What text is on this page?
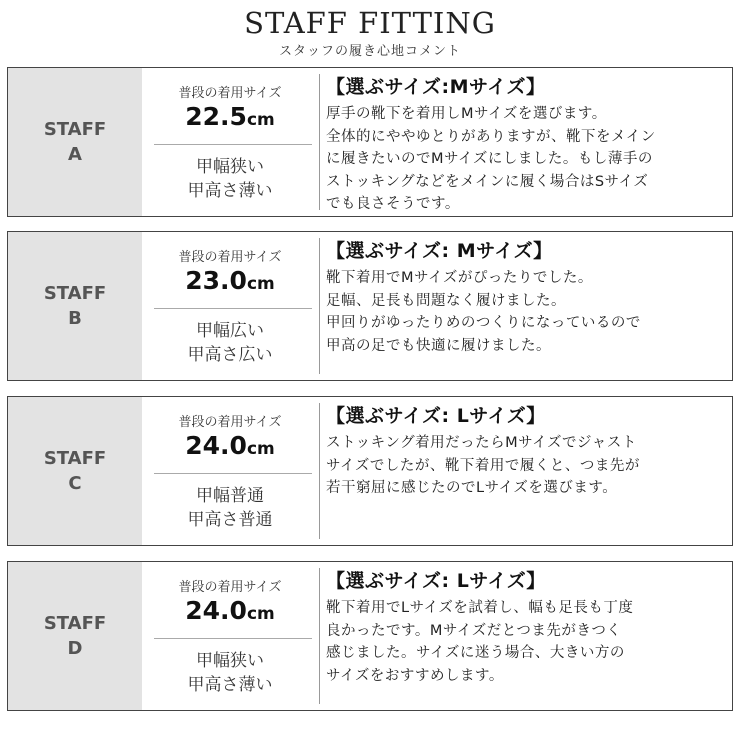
STAFF FITTING
スタッフの履き心地コメント
STAFF
A
普段の着用サイズ
22.5cm
甲幅狭い
甲高さ薄い
【選ぶサイズ:Mサイズ】
厚手の靴下を着用しMサイズを選びます。
全体的にややゆとりがありますが、靴下をメイン
に履きたいのでMサイズにしました。もし薄手の
ストッキングなどをメインに履く場合はSサイズ
でも良さそうです。
STAFF
B
普段の着用サイズ
23.0cm
甲幅広い
甲高さ広い
【選ぶサイズ: Mサイズ】
靴下着用でMサイズがぴったりでした。
足幅、足長も問題なく履けました。
甲回りがゆったりめのつくりになっているので
甲高の足でも快適に履けました。
STAFF
C
普段の着用サイズ
24.0cm
甲幅普通
甲高さ普通
【選ぶサイズ: Lサイズ】
ストッキング着用だったらMサイズでジャスト
サイズでしたが、靴下着用で履くと、つま先が
若干窮屈に感じたのでLサイズを選びます。
STAFF
D
普段の着用サイズ
24.0cm
甲幅狭い
甲高さ薄い
【選ぶサイズ: Lサイズ】
靴下着用でLサイズを試着し、幅も足長も丁度
良かったです。Mサイズだとつま先がきつく
感じました。サイズに迷う場合、大きい方の
サイズをおすすめします。
